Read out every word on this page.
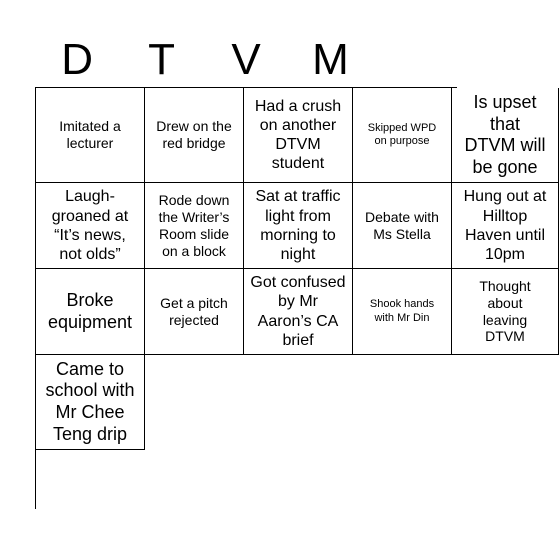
D	T	V	M
Imitated a lecturer
Drew on the red bridge
Had a crush on another DTVM student
Skipped WPD on purpose
Is upset that DTVM will be gone
Laugh-groaned at “It’s news, not olds”
Rode down the Writer’s Room slide on a block
Sat at traffic light from morning to night
Debate with Ms Stella
Hung out at Hilltop Haven until 10pm
Broke equipment
Get a pitch rejected
Got confused by Mr Aaron’s CA brief
Shook hands with Mr Din
Thought about leaving DTVM
Came to school with Mr Chee Teng drip
